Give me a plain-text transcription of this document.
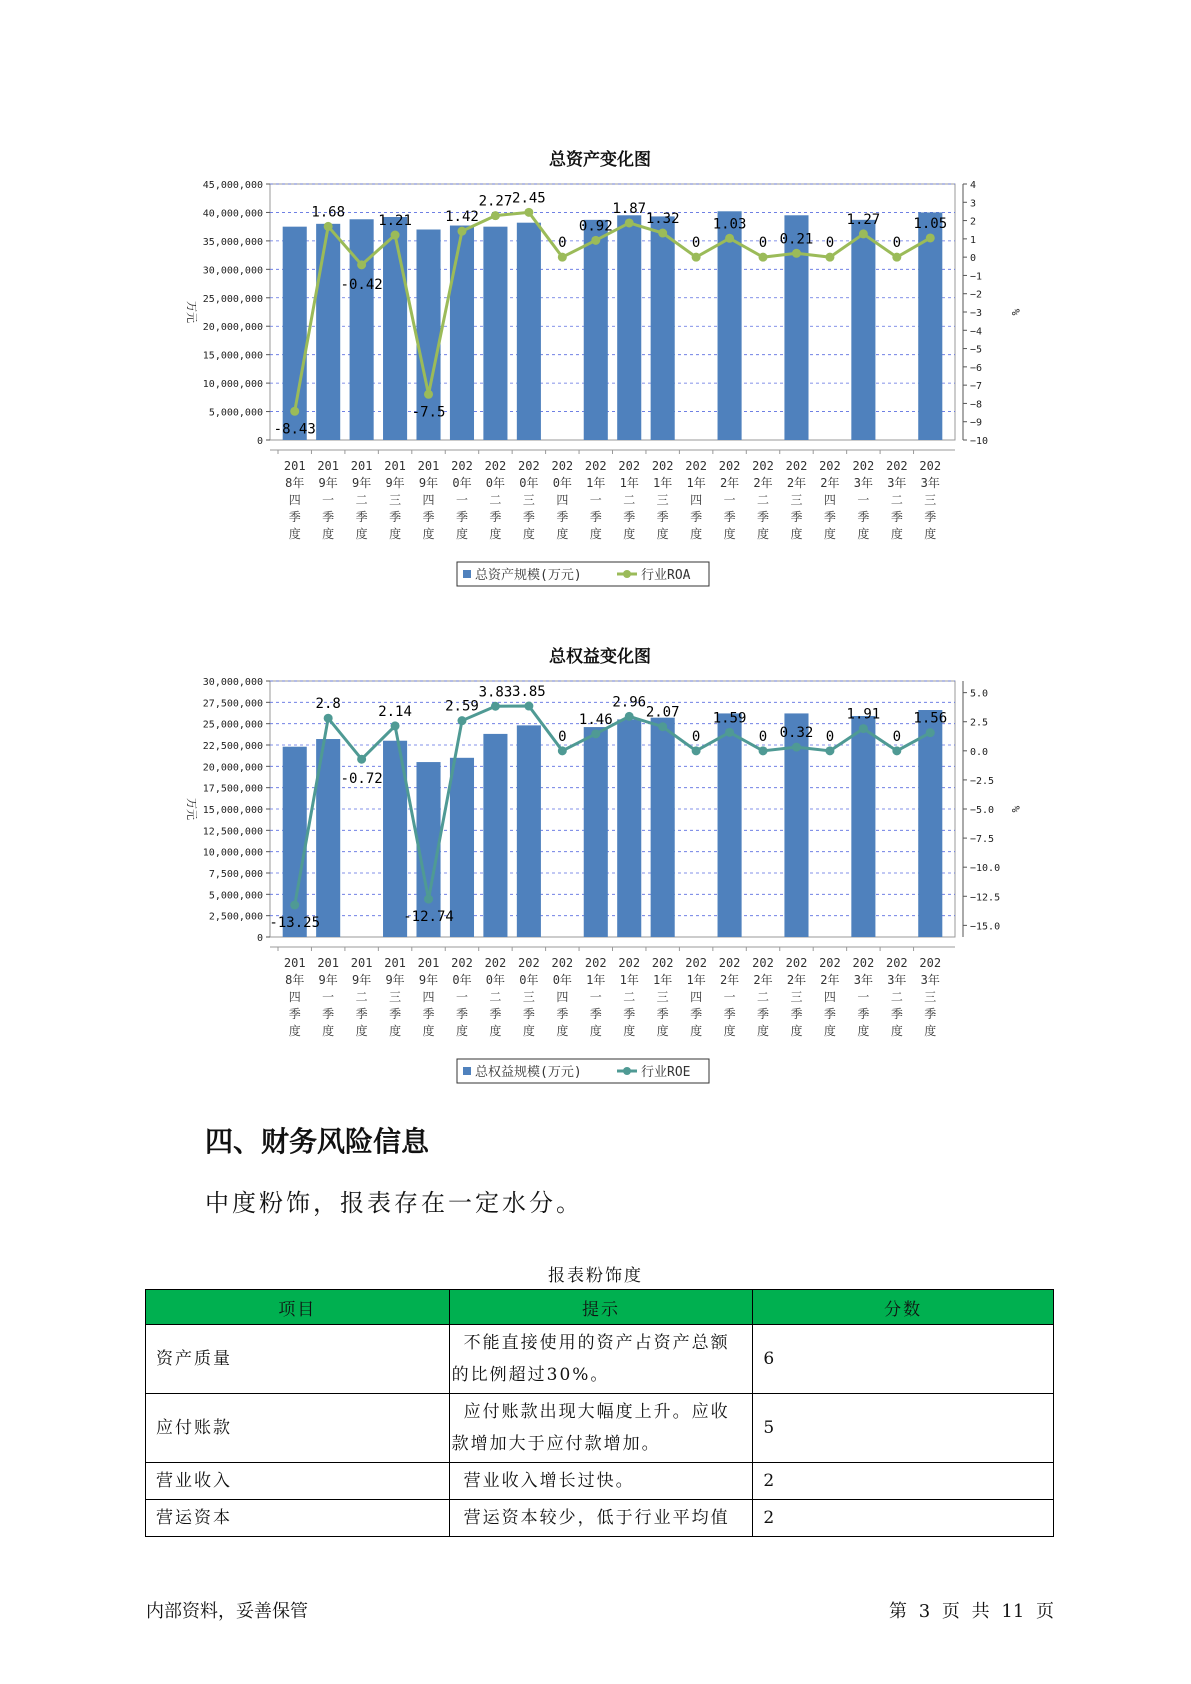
总资产变化图
0
5,000,000
10,000,000
15,000,000
20,000,000
25,000,000
30,000,000
35,000,000
40,000,000
45,000,000	4
3
2
1
0
−1
−2
−3
−4
−5
−6
−7
−8
−9
−10
万元	%
-8.43
1.68
-0.42
1.21
-7.5
1.42
2.27 2.45
0
0.92
1.87
1.32
0
1.03
0 0.21 0
1.27
0
1.05
201
8年
四
季
度
201
9年
一
季
度
201
9年
二
季
度
201
9年
三
季
度
201
9年
四
季
度
202
0年
一
季
度
202
0年
二
季
度
202
0年
三
季
度
202
0年
四
季
度
202
1年
一
季
度
202
1年
二
季
度
202
1年
三
季
度
202
1年
四
季
度
202
2年
一
季
度
202
2年
二
季
度
202
2年
三
季
度
202
2年
四
季
度
202
3年
一
季
度
202
3年
二
季
度
202
3年
三
季
度
总资产规模(万元)	行业ROA
总权益变化图
0
2,500,000
5,000,000
7,500,000
10,000,000
12,500,000
15,000,000
17,500,000
20,000,000
22,500,000
25,000,000
27,500,000
30,000,000
5.0
2.5
0.0
−2.5
−5.0
−7.5
−10.0
−12.5
−15.0
万元	%
-13.25
2.8
-0.72
2.14
-12.74
2.59
3.83 3.85
0
1.46
2.96
2.07
0
1.59
0 0.32 0
1.91
0
1.56
201
8年
四
季
度
201
9年
一
季
度
201
9年
二
季
度
201
9年
三
季
度
201
9年
四
季
度
202
0年
一
季
度
202
0年
二
季
度
202
0年
三
季
度
202
0年
四
季
度
202
1年
一
季
度
202
1年
二
季
度
202
1年
三
季
度
202
1年
四
季
度
202
2年
一
季
度
202
2年
二
季
度
202
2年
三
季
度
202
2年
四
季
度
202
3年
一
季
度
202
3年
二
季
度
202
3年
三
季
度
总权益规模(万元)	行业ROE
四、财务风险信息
中度粉饰，报表存在一定水分。
报表粉饰度
项目	提示	分数
资产质量	不能直接使用的资产占资产总额
的比例超过30%。	6
应付账款	应付账款出现大幅度上升。应收
款增加大于应付款增加。	5
营业收入	营业收入增长过快。	2
营运资本	营运资本较少，低于行业平均值	2
内部资料，妥善保管	第 3 页 共 11 页
